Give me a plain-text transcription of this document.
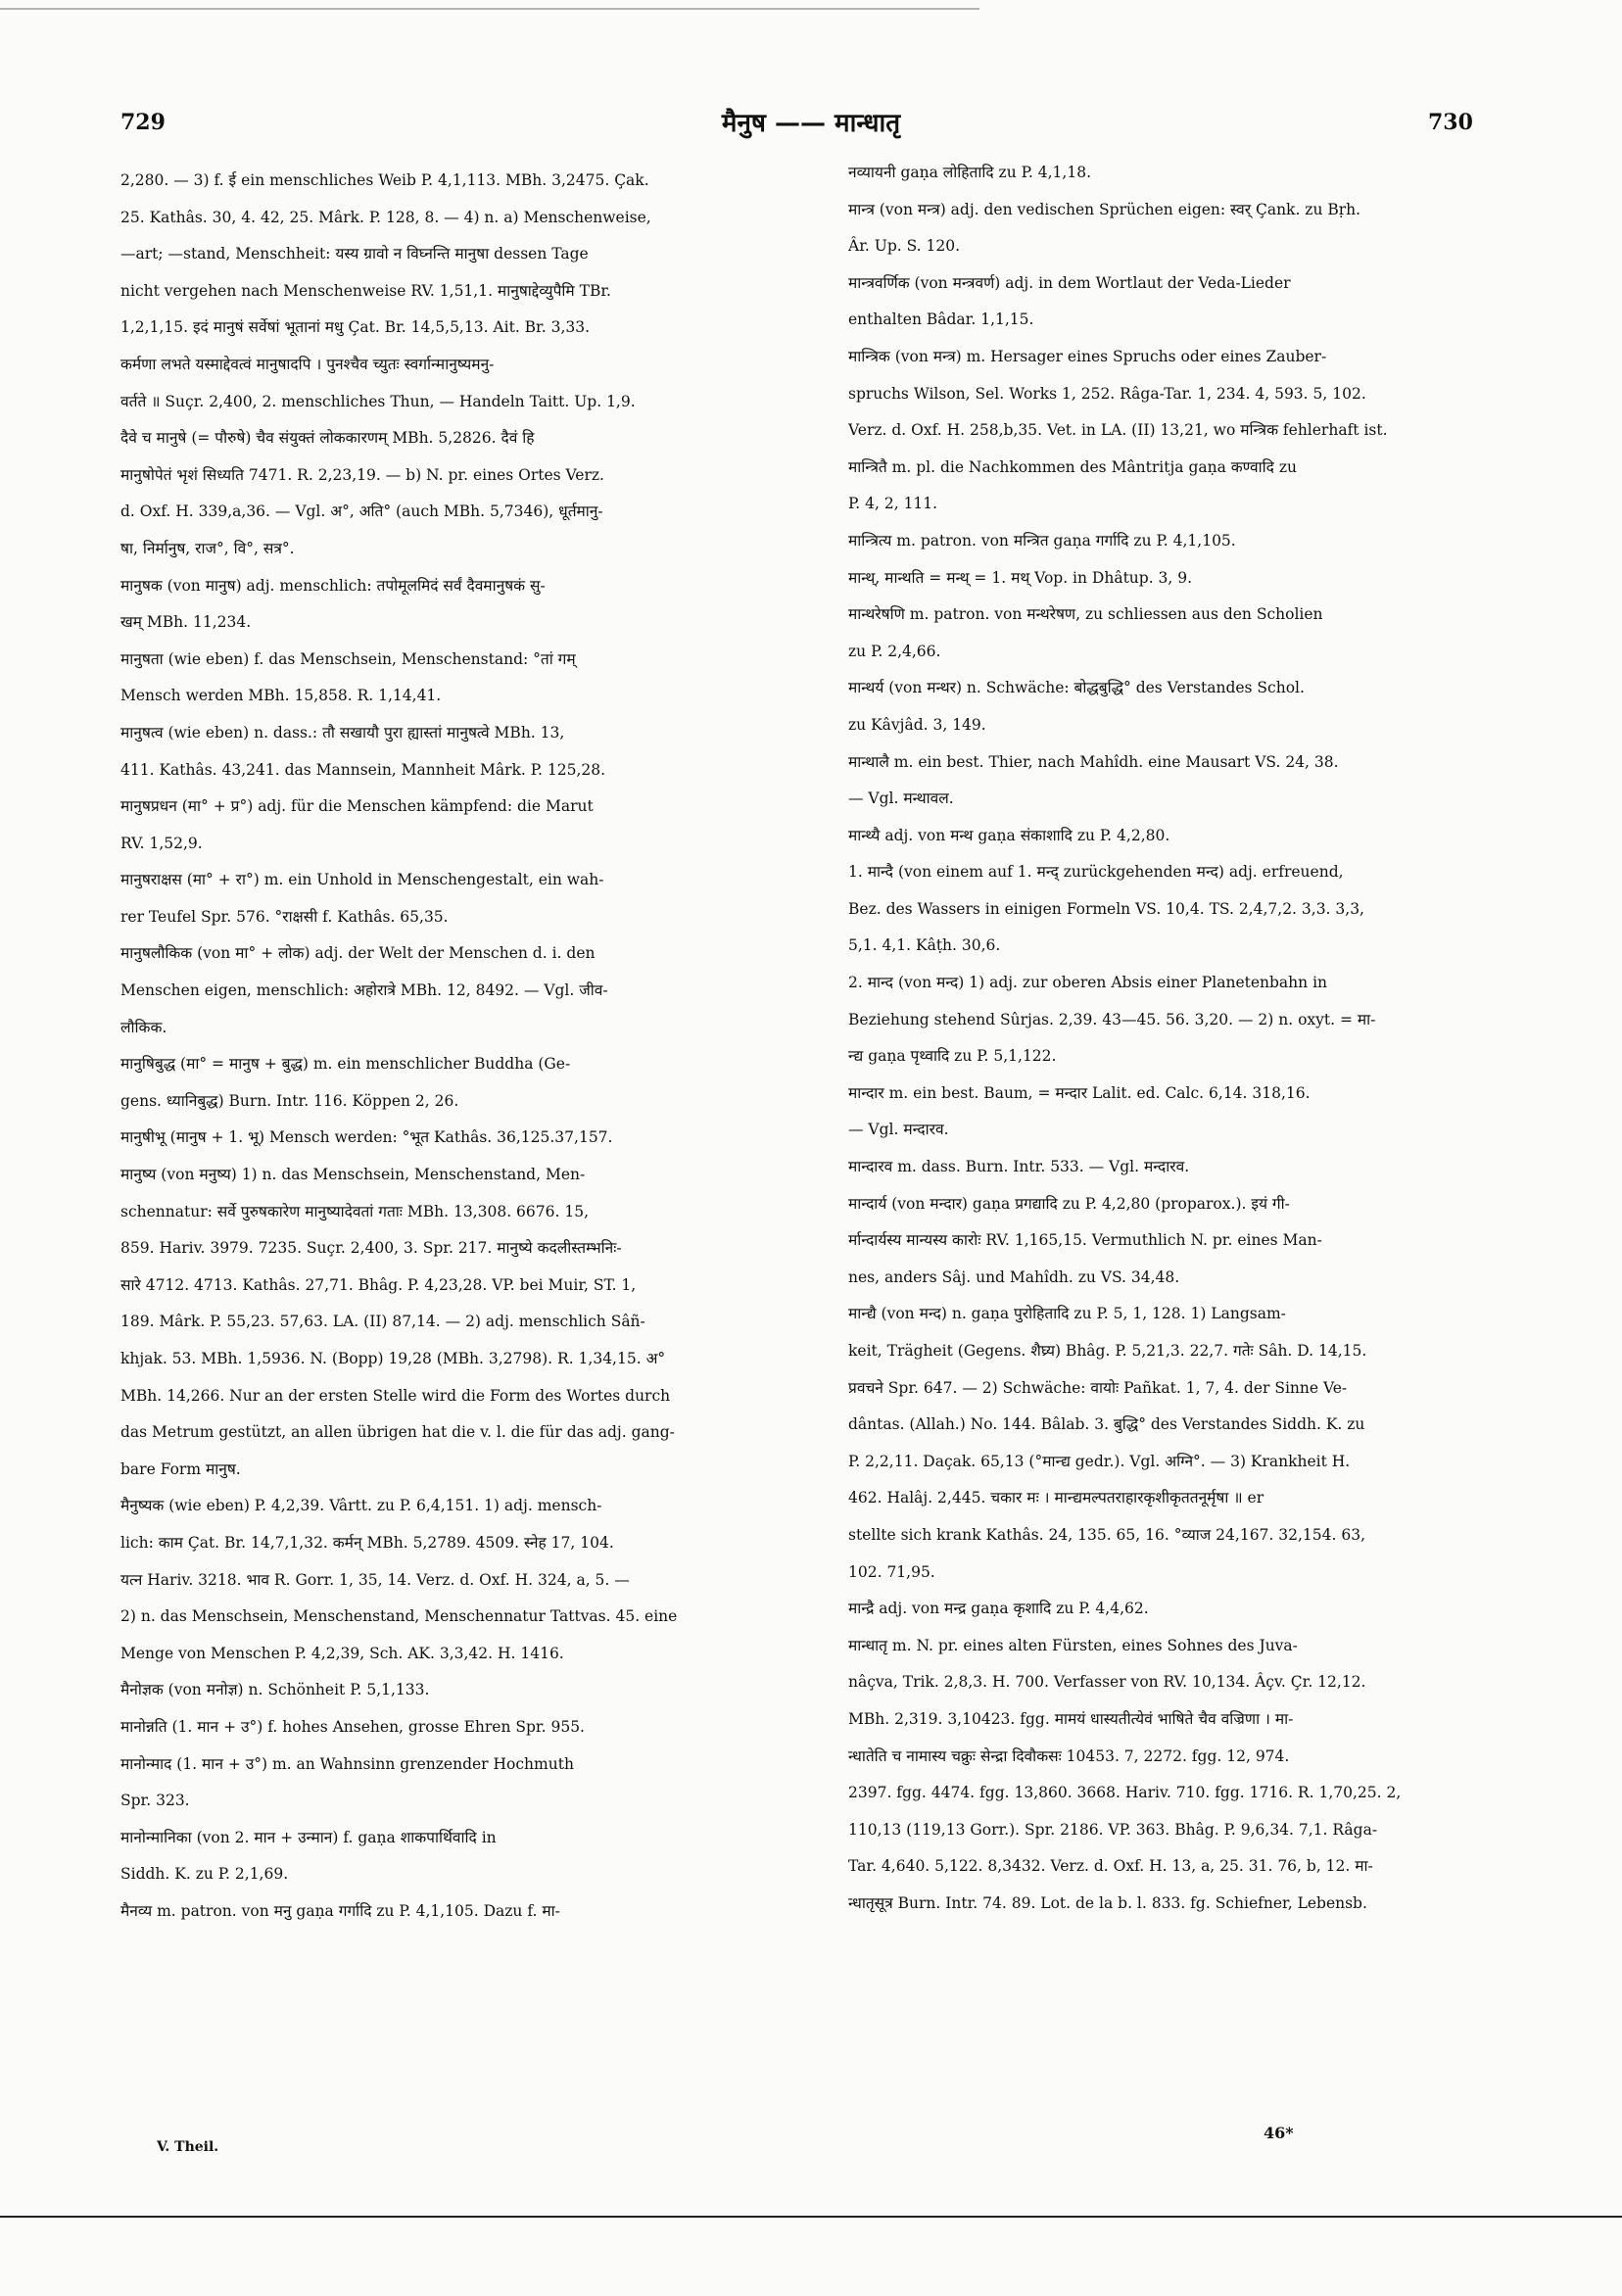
729	मैनुष —— मान्धातृ	730
2,280. — 3) f. ई ein menschliches Weib P. 4,1,113. MBh. 3,2475. Çak.
25. Kathâs. 30, 4. 42, 25. Mârk. P. 128, 8. — 4) n. a) Menschenweise,
—art; —stand, Menschheit: यस्य ग्रावो न विघ्नन्ति मानुषा dessen Tage
nicht vergehen nach Menschenweise RV. 1,51,1. मानुषाद्देव्युपैमि TBr.
1,2,1,15. इदं मानुषं सर्वेषां भूतानां मधु Çat. Br. 14,5,5,13. Ait. Br. 3,33.
कर्मणा लभते यस्माद्देवत्वं मानुषादपि । पुनश्चैव च्युतः स्वर्गान्मानुष्यमनु-
वर्तते ॥ Suçr. 2,400, 2. menschliches Thun, — Handeln Taitt. Up. 1,9.
दैवे च मानुषे (= पौरुषे) चैव संयुक्तं लोककारणम् MBh. 5,2826. दैवं हि
मानुषोपेतं भृशं सिध्यति 7471. R. 2,23,19. — b) N. pr. eines Ortes Verz.
d. Oxf. H. 339,a,36. — Vgl. अ°, अति° (auch MBh. 5,7346), धूर्तमानु-
षा, निर्मानुष, राज°, वि°, सत्र°.
मानुषक (von मानुष) adj. menschlich: तपोमूलमिदं सर्वं दैवमानुषकं सु-
खम् MBh. 11,234.
मानुषता (wie eben) f. das Menschsein, Menschenstand: °तां गम्
Mensch werden MBh. 15,858. R. 1,14,41.
मानुषत्व (wie eben) n. dass.: तौ सखायौ पुरा ह्यास्तां मानुषत्वे MBh. 13,
411. Kathâs. 43,241. das Mannsein, Mannheit Mârk. P. 125,28.
मानुषप्रधन (मा° + प्र°) adj. für die Menschen kämpfend: die Marut
RV. 1,52,9.
मानुषराक्षस (मा° + रा°) m. ein Unhold in Menschengestalt, ein wah-
rer Teufel Spr. 576. °राक्षसी f. Kathâs. 65,35.
मानुषलौकिक (von मा° + लोक) adj. der Welt der Menschen d. i. den
Menschen eigen, menschlich: अहोरात्रे MBh. 12, 8492. — Vgl. जीव-
लौकिक.
मानुषिबुद्ध (मा° = मानुष + बुद्ध) m. ein menschlicher Buddha (Ge-
gens. ध्यानिबुद्ध) Burn. Intr. 116. Köppen 2, 26.
मानुषीभू (मानुष + 1. भू) Mensch werden: °भूत Kathâs. 36,125.37,157.
मानुष्य (von मनुष्य) 1) n. das Menschsein, Menschenstand, Men-
schennatur: सर्वे पुरुषकारेण मानुष्यादेवतां गताः MBh. 13,308. 6676. 15,
859. Hariv. 3979. 7235. Suçr. 2,400, 3. Spr. 217. मानुष्ये कदलीस्तम्भनिः-
सारे 4712. 4713. Kathâs. 27,71. Bhâg. P. 4,23,28. VP. bei Muir, ST. 1,
189. Mârk. P. 55,23. 57,63. LA. (II) 87,14. — 2) adj. menschlich Sâñ-
khjak. 53. MBh. 1,5936. N. (Bopp) 19,28 (MBh. 3,2798). R. 1,34,15. अ°
MBh. 14,266. Nur an der ersten Stelle wird die Form des Wortes durch
das Metrum gestützt, an allen übrigen hat die v. l. die für das adj. gang-
bare Form मानुष.
मैनुष्यक (wie eben) P. 4,2,39. Vârtt. zu P. 6,4,151. 1) adj. mensch-
lich: काम Çat. Br. 14,7,1,32. कर्मन् MBh. 5,2789. 4509. स्नेह 17, 104.
यत्न Hariv. 3218. भाव R. Gorr. 1, 35, 14. Verz. d. Oxf. H. 324, a, 5. —
2) n. das Menschsein, Menschenstand, Menschennatur Tattvas. 45. eine
Menge von Menschen P. 4,2,39, Sch. AK. 3,3,42. H. 1416.
मैनोज्ञक (von मनोज्ञ) n. Schönheit P. 5,1,133.
मानोन्नति (1. मान + उ°) f. hohes Ansehen, grosse Ehren Spr. 955.
मानोन्माद (1. मान + उ°) m. an Wahnsinn grenzender Hochmuth
Spr. 323.
मानोन्मानिका (von 2. मान + उन्मान) f. gaṇa शाकपार्थिवादि in
Siddh. K. zu P. 2,1,69.
मैनव्य m. patron. von मनु gaṇa गर्गादि zu P. 4,1,105. Dazu f. मा-
नव्यायनी gaṇa लोहितादि zu P. 4,1,18.
मान्त्र (von मन्त्र) adj. den vedischen Sprüchen eigen: स्वर् Çank. zu Bṛh.
Âr. Up. S. 120.
मान्त्रवर्णिक (von मन्त्रवर्ण) adj. in dem Wortlaut der Veda-Lieder
enthalten Bâdar. 1,1,15.
मान्त्रिक (von मन्त्र) m. Hersager eines Spruchs oder eines Zauber-
spruchs Wilson, Sel. Works 1, 252. Râga-Tar. 1, 234. 4, 593. 5, 102.
Verz. d. Oxf. H. 258,b,35. Vet. in LA. (II) 13,21, wo मन्त्रिक fehlerhaft ist.
मान्त्रितै m. pl. die Nachkommen des Mântritja gaṇa कण्वादि zu
P. 4, 2, 111.
मान्त्रित्य m. patron. von मन्त्रित gaṇa गर्गादि zu P. 4,1,105.
मान्थ्, मान्थति = मन्थ् = 1. मथ् Vop. in Dhâtup. 3, 9.
मान्थरेषणि m. patron. von मन्थरेषण, zu schliessen aus den Scholien
zu P. 2,4,66.
मान्थर्य (von मन्थर) n. Schwäche: बोद्धबुद्धि° des Verstandes Schol.
zu Kâvjâd. 3, 149.
मान्थालै m. ein best. Thier, nach Mahîdh. eine Mausart VS. 24, 38.
— Vgl. मन्थावल.
मान्थ्यै adj. von मन्थ gaṇa संकाशादि zu P. 4,2,80.
1. मान्दै (von einem auf 1. मन्द् zurückgehenden मन्द) adj. erfreuend,
Bez. des Wassers in einigen Formeln VS. 10,4. TS. 2,4,7,2. 3,3. 3,3,
5,1. 4,1. Kâṭh. 30,6.
2. मान्द (von मन्द) 1) adj. zur oberen Absis einer Planetenbahn in
Beziehung stehend Sûrjas. 2,39. 43—45. 56. 3,20. — 2) n. oxyt. = मा-
न्द्य gaṇa पृथ्वादि zu P. 5,1,122.
मान्दार m. ein best. Baum, = मन्दार Lalit. ed. Calc. 6,14. 318,16.
— Vgl. मन्दारव.
मान्दारव m. dass. Burn. Intr. 533. — Vgl. मन्दारव.
मान्दार्य (von मन्दार) gaṇa प्रगद्यादि zu P. 4,2,80 (proparox.). इयं गी-
र्मान्दार्यस्य मान्यस्य कारोः RV. 1,165,15. Vermuthlich N. pr. eines Man-
nes, anders Sâj. und Mahîdh. zu VS. 34,48.
मान्द्यै (von मन्द) n. gaṇa पुरोहितादि zu P. 5, 1, 128. 1) Langsam-
keit, Trägheit (Gegens. शैघ्र्य) Bhâg. P. 5,21,3. 22,7. गतेः Sâh. D. 14,15.
प्रवचने Spr. 647. — 2) Schwäche: वायोः Pañkat. 1, 7, 4. der Sinne Ve-
dântas. (Allah.) No. 144. Bâlab. 3. बुद्धि° des Verstandes Siddh. K. zu
P. 2,2,11. Daçak. 65,13 (°मान्द्य gedr.). Vgl. अग्नि°. — 3) Krankheit H.
462. Halâj. 2,445. चकार मः । मान्द्यमल्पतराहारकृशीकृततनूर्मृषा ॥ er
stellte sich krank Kathâs. 24, 135. 65, 16. °व्याज 24,167. 32,154. 63,
102. 71,95.
मान्द्रै adj. von मन्द्र gaṇa कृशादि zu P. 4,4,62.
मान्धातृ m. N. pr. eines alten Fürsten, eines Sohnes des Juva-
nâçva, Trik. 2,8,3. H. 700. Verfasser von RV. 10,134. Âçv. Çr. 12,12.
MBh. 2,319. 3,10423. fgg. मामयं धास्यतीत्येवं भाषिते चैव वज्रिणा । मा-
न्धातेति च नामास्य चक्रुः सेन्द्रा दिवौकसः 10453. 7, 2272. fgg. 12, 974.
2397. fgg. 4474. fgg. 13,860. 3668. Hariv. 710. fgg. 1716. R. 1,70,25. 2,
110,13 (119,13 Gorr.). Spr. 2186. VP. 363. Bhâg. P. 9,6,34. 7,1. Râga-
Tar. 4,640. 5,122. 8,3432. Verz. d. Oxf. H. 13, a, 25. 31. 76, b, 12. मा-
न्धातृसूत्र Burn. Intr. 74. 89. Lot. de la b. l. 833. fg. Schiefner, Lebensb.
V. Theil.
46*
